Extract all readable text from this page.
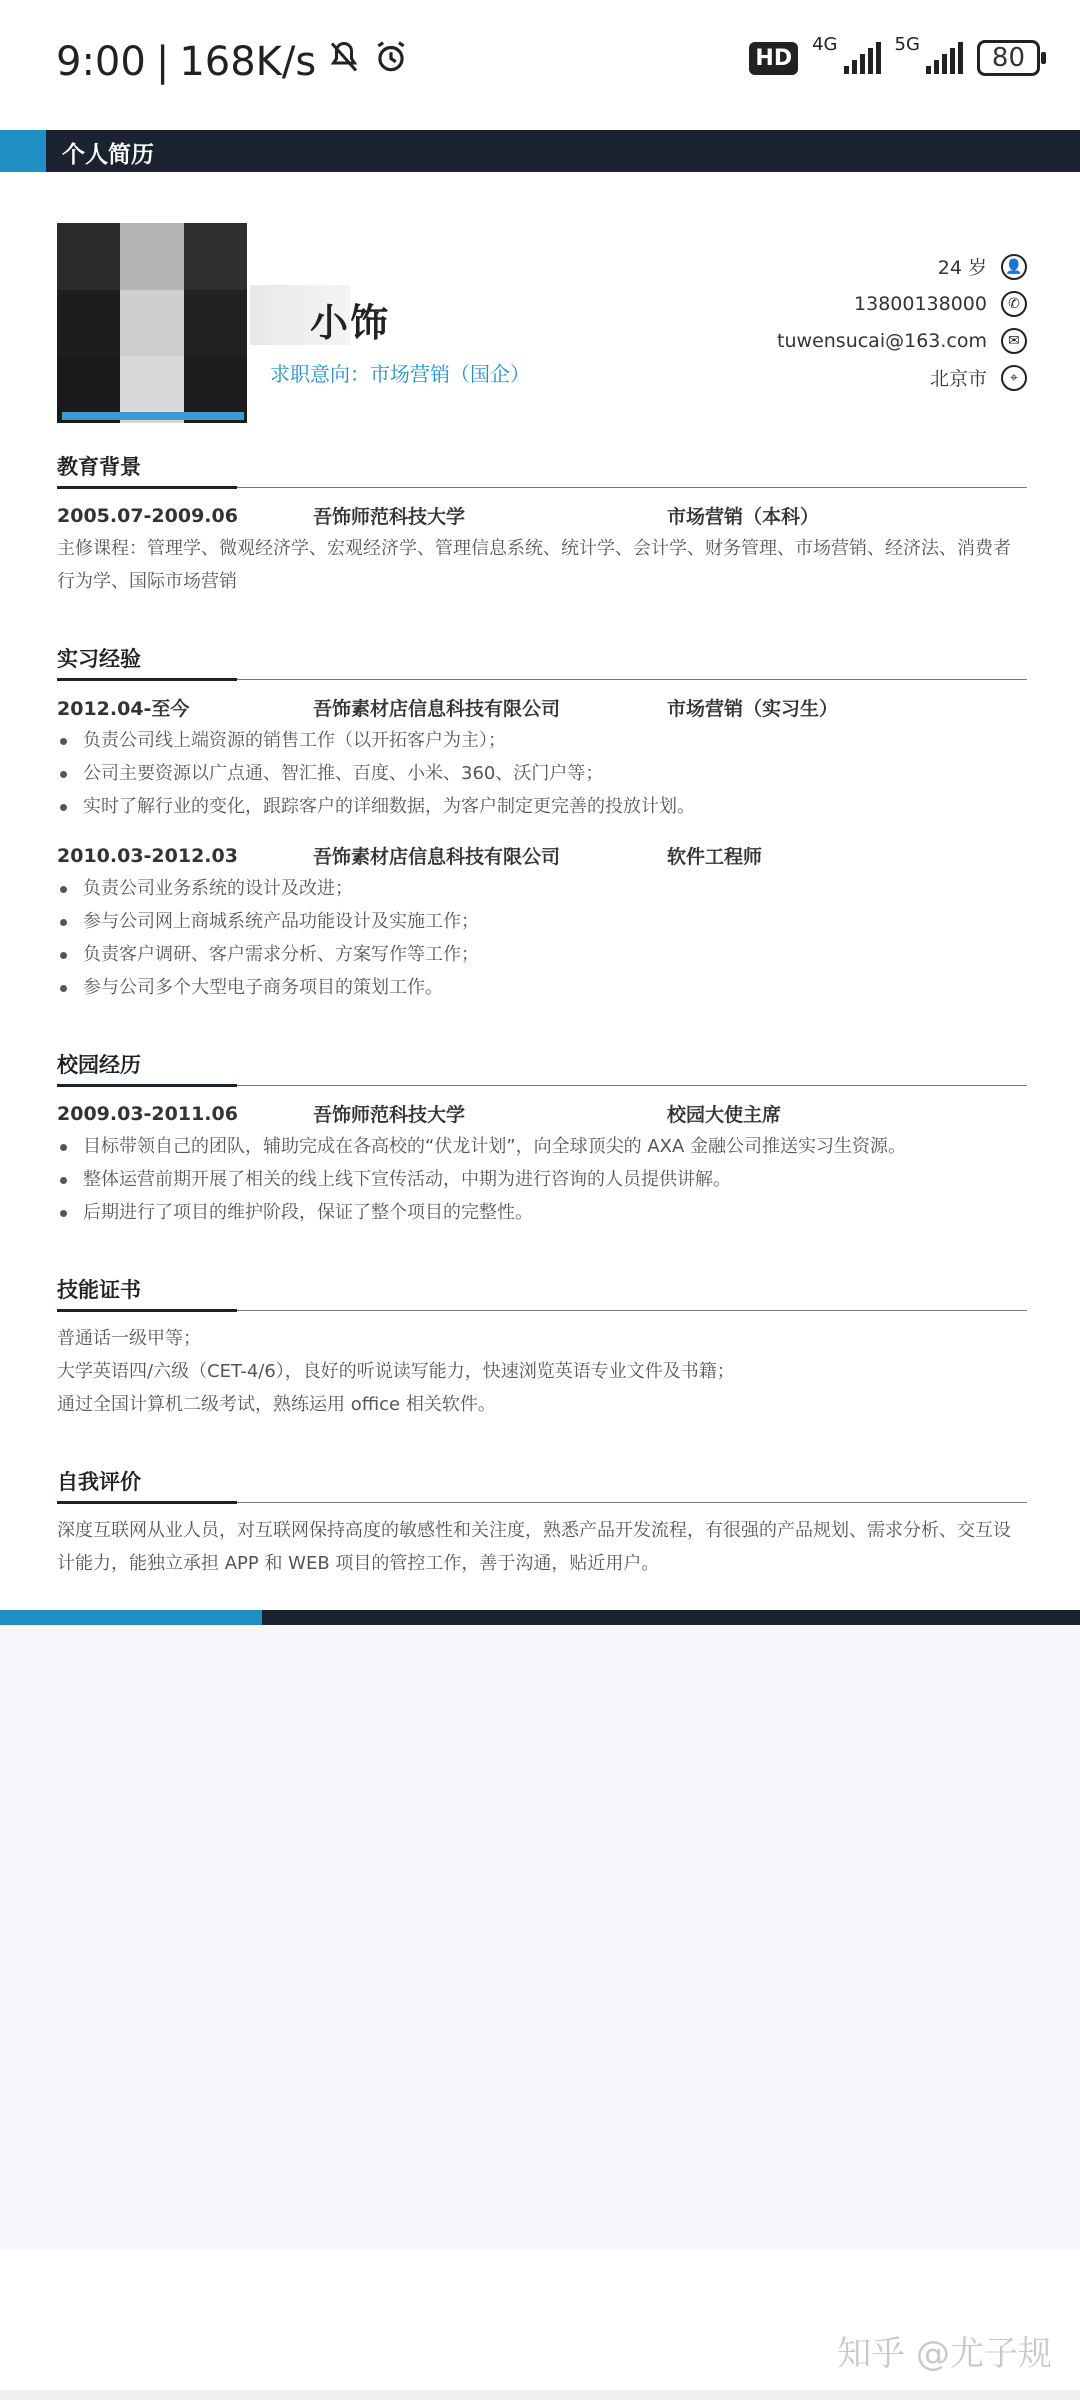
9:00 | 168K/s	HD
4G	5G	80
个人简历
小饰
求职意向：市场营销（国企）
24 岁	👤
13800138000	✆
tuwensucai@163.com	✉
北京市	⌖
教育背景
2005.07-2009.06	吾饰师范科技大学	市场营销（本科）
主修课程：管理学、微观经济学、宏观经济学、管理信息系统、统计学、会计学、财务管理、市场营销、经济法、消费者行为学、国际市场营销
实习经验
2012.04-至今	吾饰素材店信息科技有限公司	市场营销（实习生）
负责公司线上端资源的销售工作（以开拓客户为主）；
公司主要资源以广点通、智汇推、百度、小米、360、沃门户等；
实时了解行业的变化，跟踪客户的详细数据，为客户制定更完善的投放计划。
2010.03-2012.03	吾饰素材店信息科技有限公司	软件工程师
负责公司业务系统的设计及改进；
参与公司网上商城系统产品功能设计及实施工作；
负责客户调研、客户需求分析、方案写作等工作；
参与公司多个大型电子商务项目的策划工作。
校园经历
2009.03-2011.06	吾饰师范科技大学	校园大使主席
目标带领自己的团队，辅助完成在各高校的“伏龙计划”，向全球顶尖的 AXA 金融公司推送实习生资源。
整体运营前期开展了相关的线上线下宣传活动，中期为进行咨询的人员提供讲解。
后期进行了项目的维护阶段，保证了整个项目的完整性。
技能证书
普通话一级甲等；
大学英语四/六级（CET-4/6），良好的听说读写能力，快速浏览英语专业文件及书籍；
通过全国计算机二级考试，熟练运用 office 相关软件。
自我评价
深度互联网从业人员，对互联网保持高度的敏感性和关注度，熟悉产品开发流程，有很强的产品规划、需求分析、交互设计能力，能独立承担 APP 和 WEB 项目的管控工作，善于沟通，贴近用户。
知乎 @尤子规
